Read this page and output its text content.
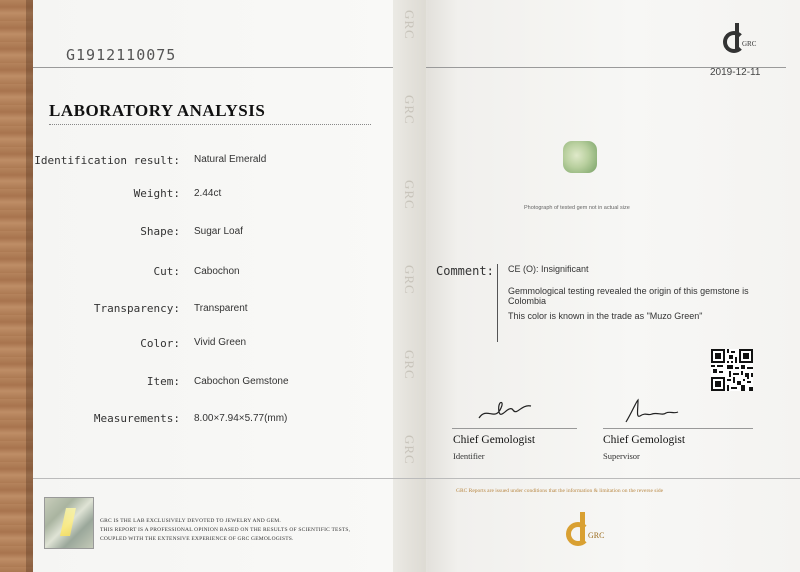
GRC
GRC
GRC
GRC
GRC
GRC
G1912110075
GRC
2019-12-11
LABORATORY ANALYSIS
Identification result: Natural Emerald
Weight: 2.44ct
Shape: Sugar Loaf
Cut: Cabochon
Transparency: Transparent
Color: Vivid Green
Item: Cabochon Gemstone
Measurements: 8.00×7.94×5.77(mm)
Photograph of tested gem not in actual size
Comment: CE (O): Insignificant
Gemmological testing revealed the origin of this gemstone is Colombia
This color is known in the trade as "Muzo Green"
Chief Gemologist
Identifier
Chief Gemologist
Supervisor
GRC IS THE LAB EXCLUSIVELY DEVOTED TO JEWELRY AND GEM.
THIS REPORT IS A PROFESSIONAL OPINION BASED ON THE RESULTS OF SCIENTIFIC TESTS,
COUPLED WITH THE EXTENSIVE EXPERIENCE OF GRC GEMOLOGISTS.
GRC Reports are issued under conditions that the information & limitation on the reverse side
GRC
